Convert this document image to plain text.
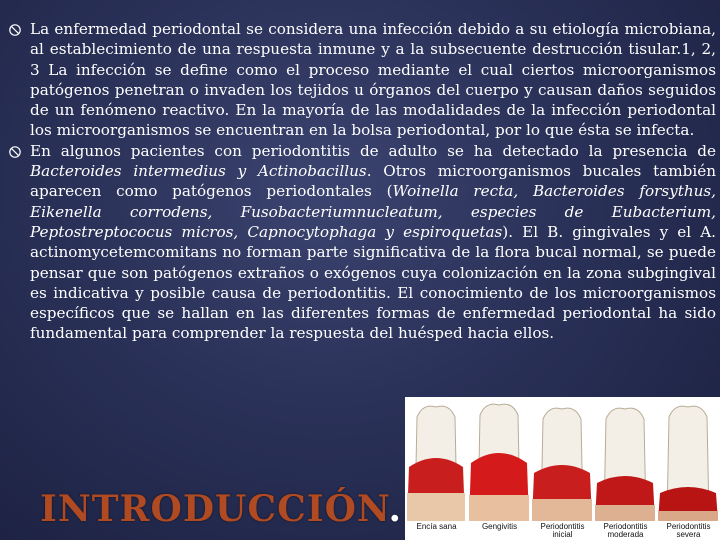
La enfermedad periodontal se considera una infección debido a su etiología microbiana, al establecimiento de una respuesta inmune y a la subsecuente destrucción tisular.1, 2, 3 La infección se define como el proceso mediante el cual ciertos microorganismos patógenos penetran o invaden los tejidos u órganos del cuerpo y causan daños seguidos de un fenómeno reactivo. En la mayoría de las modalidades de la infección periodontal los microorganismos se encuentran en la bolsa periodontal, por lo que ésta se infecta.
En algunos pacientes con periodontitis de adulto se ha detectado la presencia de Bacteroides intermedius y Actinobacillus. Otros microorganismos bucales también aparecen como patógenos periodontales (Woinella recta, Bacteroides forsythus, Eikenella corrodens, Fusobacteriumnucleatum, especies de Eubacterium, Peptostreptococus micros, Capnocytophaga y espiroquetas). El B. gingivales y el A. actinomycetemcomitans no forman parte significativa de la flora bucal normal, se puede pensar que son patógenos extraños o exógenos cuya colonización en la zona subgingival es indicativa y posible causa de periodontitis. El conocimiento de los microorganismos específicos que se hallan en las diferentes formas de enfermedad periodontal ha sido fundamental para comprender la respuesta del huésped hacia ellos.
INTRODUCCIÓN.	Encía sana	Gengivitis	Periodontitis inicial
Periodontitis moderada
Periodontitis severa
